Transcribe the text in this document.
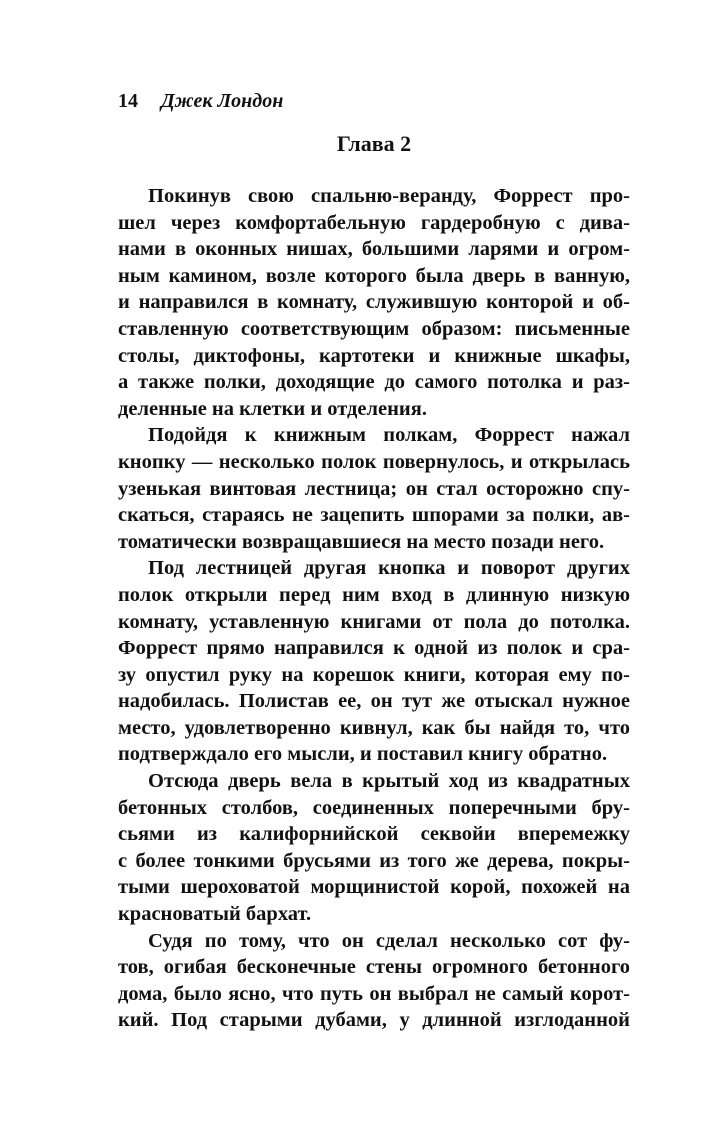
14 Джек Лондон
Глава 2
Покинув свою спальню-веранду, Форрест про-
шел через комфортабельную гардеробную с дива-
нами в оконных нишах, большими ларями и огром-
ным камином, возле которого была дверь в ванную,
и направился в комнату, служившую конторой и об-
ставленную соответствующим образом: письменные
столы, диктофоны, картотеки и книжные шкафы,
а также полки, доходящие до самого потолка и раз-
деленные на клетки и отделения.
Подойдя к книжным полкам, Форрест нажал
кнопку — несколько полок повернулось, и открылась
узенькая винтовая лестница; он стал осторожно спу-
скаться, стараясь не зацепить шпорами за полки, ав-
томатически возвращавшиеся на место позади него.
Под лестницей другая кнопка и поворот других
полок открыли перед ним вход в длинную низкую
комнату, уставленную книгами от пола до потолка.
Форрест прямо направился к одной из полок и сра-
зу опустил руку на корешок книги, которая ему по-
надобилась. Полистав ее, он тут же отыскал нужное
место, удовлетворенно кивнул, как бы найдя то, что
подтверждало его мысли, и поставил книгу обратно.
Отсюда дверь вела в крытый ход из квадратных
бетонных столбов, соединенных поперечными бру-
сьями из калифорнийской секвойи вперемежку
с более тонкими брусьями из того же дерева, покры-
тыми шероховатой морщинистой корой, похожей на
красноватый бархат.
Судя по тому, что он сделал несколько сот фу-
тов, огибая бесконечные стены огромного бетонного
дома, было ясно, что путь он выбрал не самый корот-
кий. Под старыми дубами, у длинной изглоданной
